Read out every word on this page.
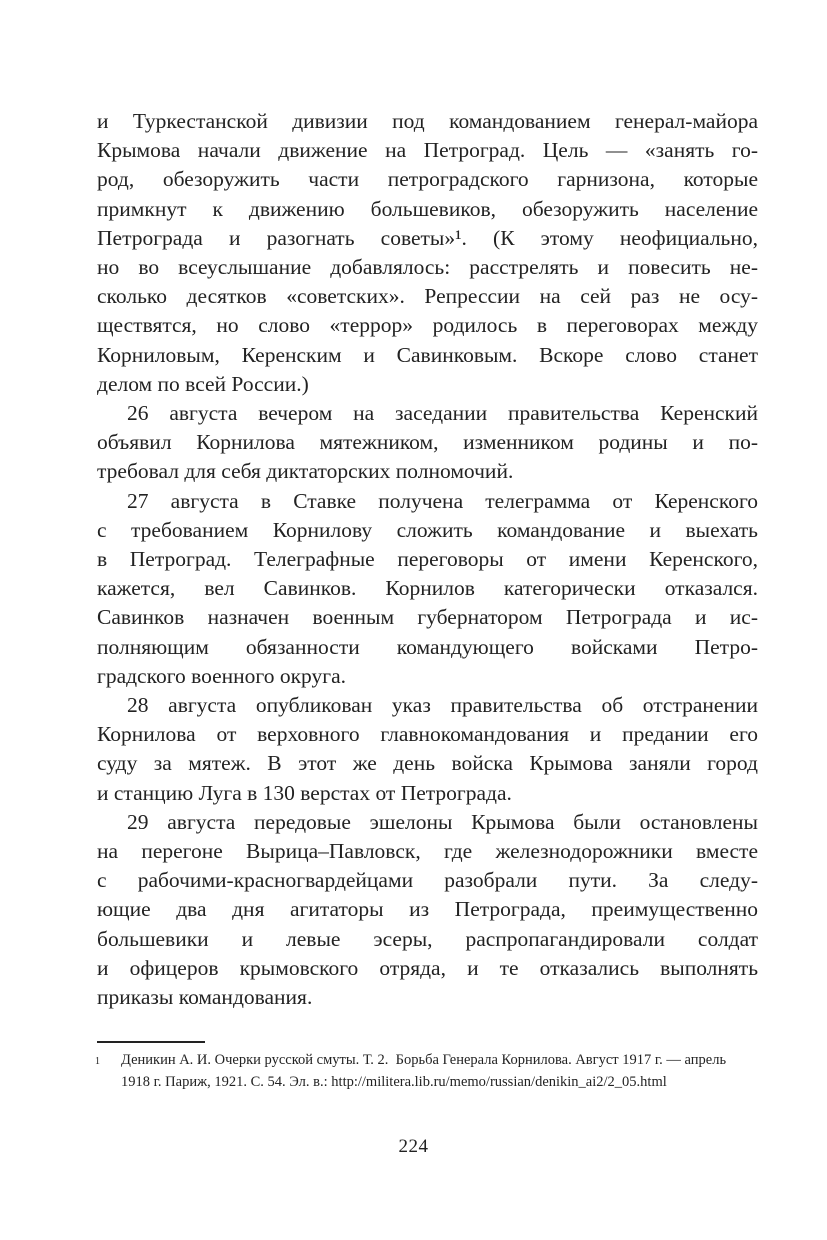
и Туркестанской дивизии под командованием генерал-майора
Крымова начали движение на Петроград. Цель — «занять го-
род, обезоружить части петроградского гарнизона, которые
примкнут к движению большевиков, обезоружить население
Петрограда и разогнать советы»¹. (К этому неофициально,
но во всеуслышание добавлялось: расстрелять и повесить не-
сколько десятков «советских». Репрессии на сей раз не осу-
ществятся, но слово «террор» родилось в переговорах между
Корниловым, Керенским и Савинковым. Вскоре слово станет
делом по всей России.)
26 августа вечером на заседании правительства Керенский
объявил Корнилова мятежником, изменником родины и по-
требовал для себя диктаторских полномочий.
27 августа в Ставке получена телеграмма от Керенского
с требованием Корнилову сложить командование и выехать
в Петроград. Телеграфные переговоры от имени Керенского,
кажется, вел Савинков. Корнилов категорически отказался.
Савинков назначен военным губернатором Петрограда и ис-
полняющим обязанности командующего войсками Петро-
градского военного округа.
28 августа опубликован указ правительства об отстранении
Корнилова от верховного главнокомандования и предании его
суду за мятеж. В этот же день войска Крымова заняли город
и станцию Луга в 130 верстах от Петрограда.
29 августа передовые эшелоны Крымова были остановлены
на перегоне Вырица–Павловск, где железнодорожники вместе
с рабочими-красногвардейцами разобрали пути. За следу-
ющие два дня агитаторы из Петрограда, преимущественно
большевики и левые эсеры, распропагандировали солдат
и офицеров крымовского отряда, и те отказались выполнять
приказы командования.
1	Деникин А. И. Очерки русской смуты. Т. 2.  Борьба Генерала Корнилова. Август 1917 г. — апрель
1918 г. Париж, 1921. С. 54. Эл. в.: http://militera.lib.ru/memo/russian/denikin_ai2/2_05.html
224
